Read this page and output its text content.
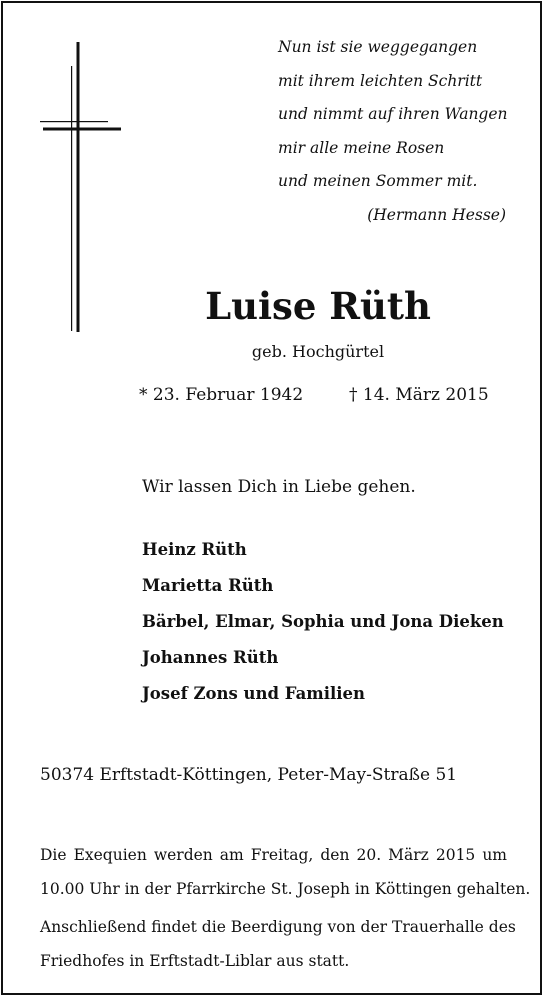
Nun ist sie weggegangen
mit ihrem leichten Schritt
und nimmt auf ihren Wangen
mir alle meine Rosen
und meinen Sommer mit.
(Hermann Hesse)
Luise Rüth
geb. Hochgürtel
* 23. Februar 1942	† 14. März 2015
Wir lassen Dich in Liebe gehen.
Heinz Rüth
Marietta Rüth
Bärbel, Elmar, Sophia und Jona Dieken
Johannes Rüth
Josef Zons und Familien
50374 Erftstadt-Köttingen, Peter-May-Straße 51
Die Exequien werden am Freitag, den 20. März 2015 um
10.00 Uhr in der Pfarrkirche St. Joseph in Köttingen gehalten.
Anschließend findet die Beerdigung von der Trauerhalle des
Friedhofes in Erftstadt-Liblar aus statt.
